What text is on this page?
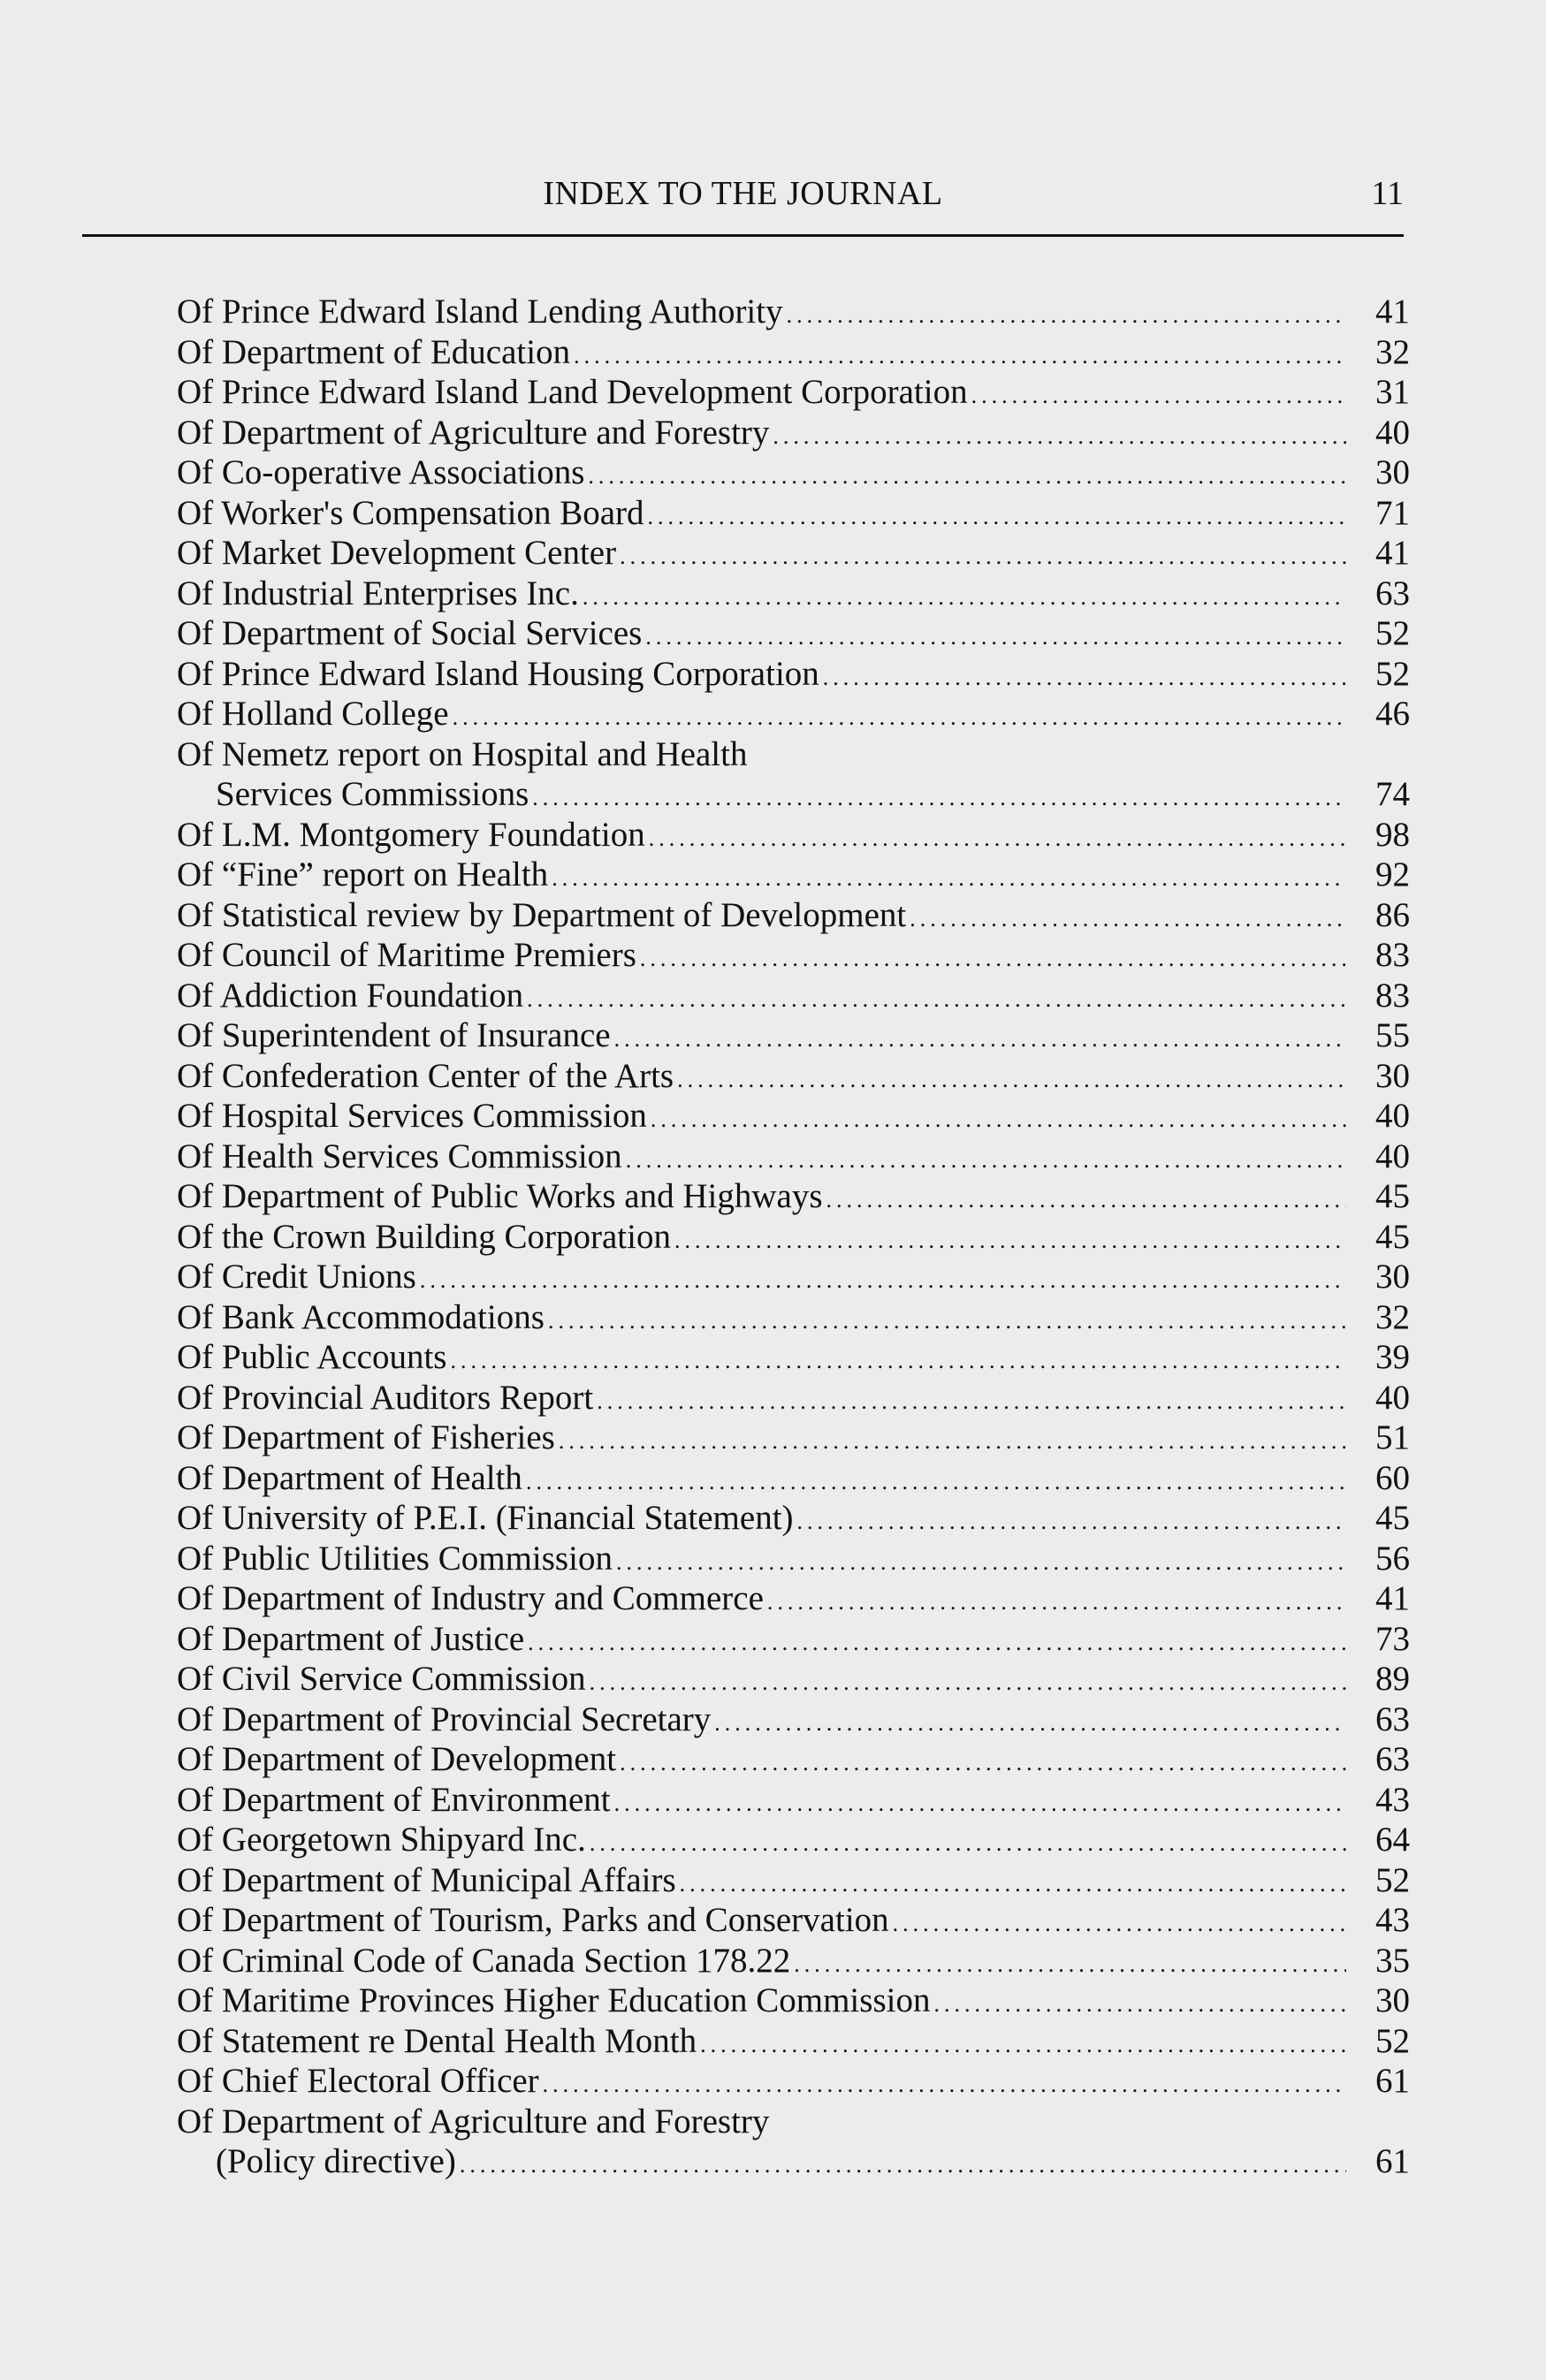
INDEX TO THE JOURNAL	11
Of Prince Edward Island Lending Authority .....	41
Of Department of Education .....	32
Of Prince Edward Island Land Development Corporation .....	31
Of Department of Agriculture and Forestry .....	40
Of Co-operative Associations .....	30
Of Worker's Compensation Board .....	71
Of Market Development Center .....	41
Of Industrial Enterprises Inc. .....	63
Of Department of Social Services .....	52
Of Prince Edward Island Housing Corporation .....	52
Of Holland College .....	46
Of Nemetz report on Hospital and Health
Services Commissions .....	74
Of L.M. Montgomery Foundation .....	98
Of “Fine” report on Health .....	92
Of Statistical review by Department of Development .....	86
Of Council of Maritime Premiers .....	83
Of Addiction Foundation .....	83
Of Superintendent of Insurance .....	55
Of Confederation Center of the Arts .....	30
Of Hospital Services Commission .....	40
Of Health Services Commission .....	40
Of Department of Public Works and Highways .....	45
Of the Crown Building Corporation .....	45
Of Credit Unions .....	30
Of Bank Accommodations .....	32
Of Public Accounts .....	39
Of Provincial Auditors Report .....	40
Of Department of Fisheries .....	51
Of Department of Health .....	60
Of University of P.E.I. (Financial Statement) .....	45
Of Public Utilities Commission .....	56
Of Department of Industry and Commerce .....	41
Of Department of Justice .....	73
Of Civil Service Commission .....	89
Of Department of Provincial Secretary .....	63
Of Department of Development .....	63
Of Department of Environment .....	43
Of Georgetown Shipyard Inc. .....	64
Of Department of Municipal Affairs .....	52
Of Department of Tourism, Parks and Conservation .....	43
Of Criminal Code of Canada Section 178.22 .....	35
Of Maritime Provinces Higher Education Commission .....	30
Of Statement re Dental Health Month .....	52
Of Chief Electoral Officer .....	61
Of Department of Agriculture and Forestry
(Policy directive) .....	61
